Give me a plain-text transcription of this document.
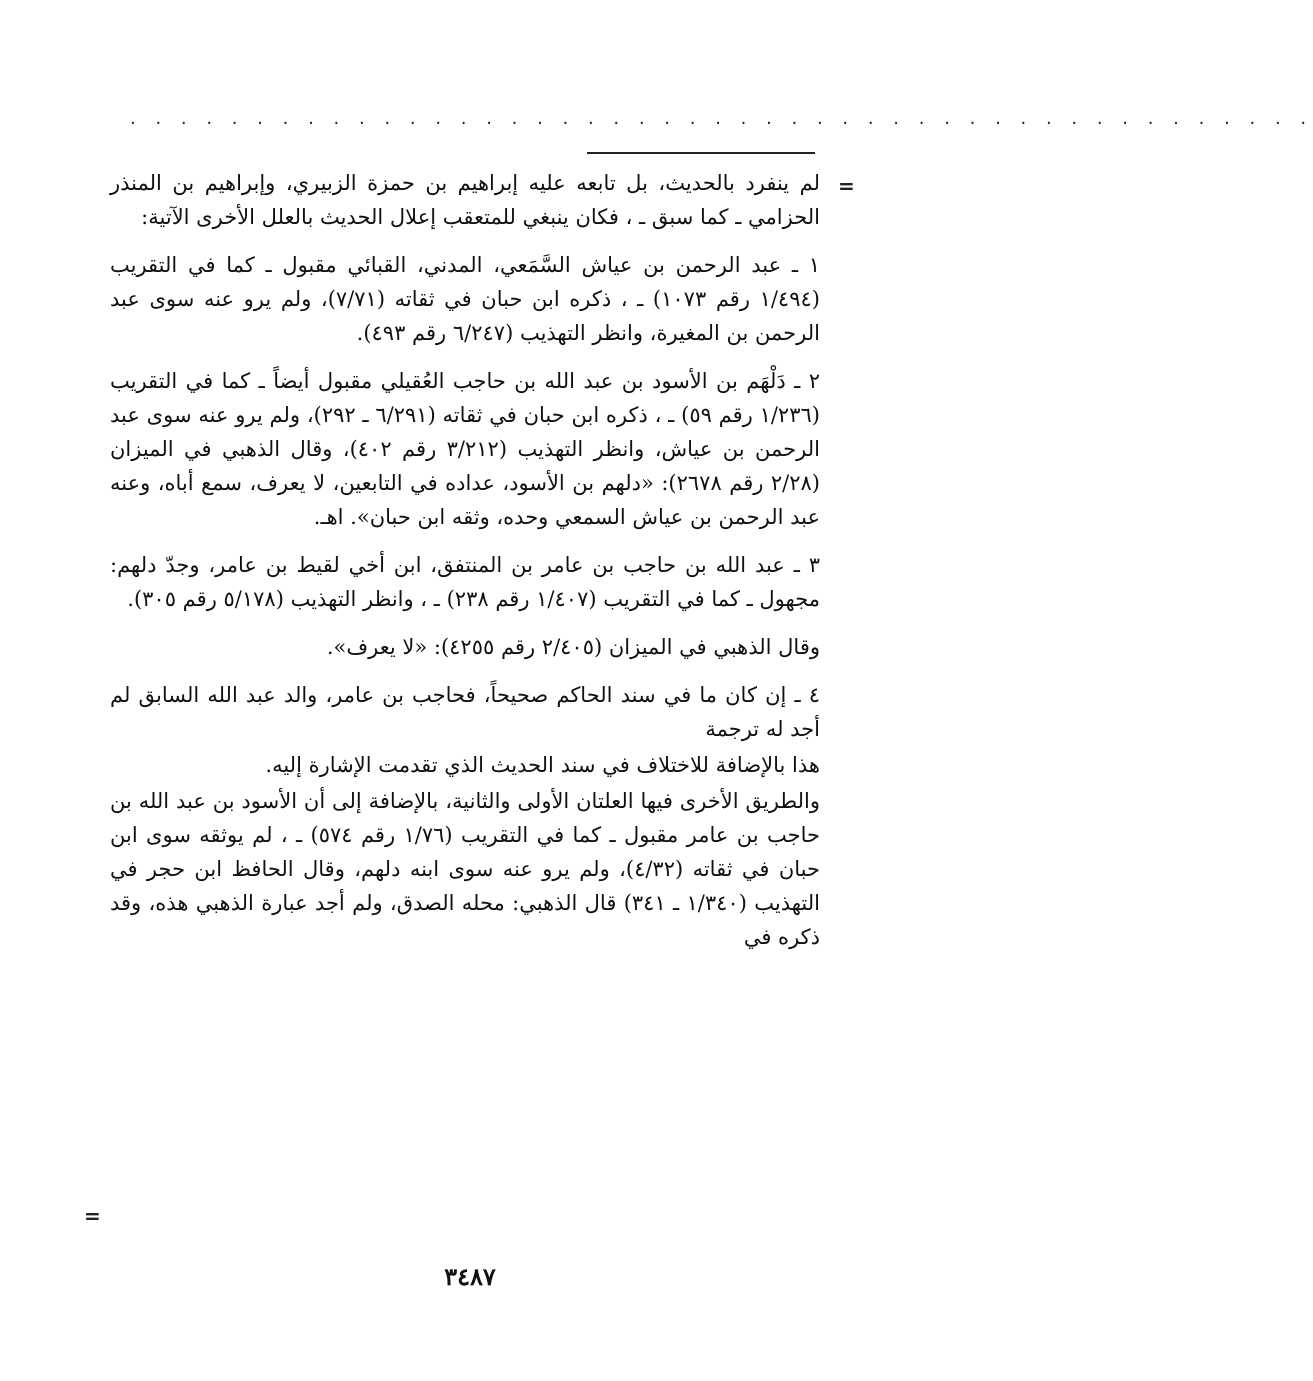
. . . . . . . . . . . . . . . . . . . . . . . . . . . . . . . . . . . . . . . . . . . . . . .
=

لم ينفرد بالحديث، بل تابعه عليه إبراهيم بن حمزة الزبيري، وإبراهيم بن المنذر الحزامي ـ كما سبق ـ ، فكان ينبغي للمتعقب إعلال الحديث بالعلل الأخرى الآتية:

١ ـ عبد الرحمن بن عياش السَّمَعي، المدني، القبائي مقبول ـ كما في التقريب (١/٤٩٤ رقم ١٠٧٣) ـ ، ذكره ابن حبان في ثقاته (٧/٧١)، ولم يرو عنه سوى عبد الرحمن بن المغيرة، وانظر التهذيب (٦/٢٤٧ رقم ٤٩٣).

٢ ـ دَلْهَم بن الأسود بن عبد الله بن حاجب العُقيلي مقبول أيضاً ـ كما في التقريب (١/٢٣٦ رقم ٥٩) ـ ، ذكره ابن حبان في ثقاته (٦/٢٩١ ـ ٢٩٢)، ولم يرو عنه سوى عبد الرحمن بن عياش، وانظر التهذيب (٣/٢١٢ رقم ٤٠٢)، وقال الذهبي في الميزان (٢/٢٨ رقم ٢٦٧٨): «دلهم بن الأسود، عداده في التابعين، لا يعرف، سمع أباه، وعنه عبد الرحمن بن عياش السمعي وحده، وثقه ابن حبان». اهـ.

٣ ـ عبد الله بن حاجب بن عامر بن المنتفق، ابن أخي لقيط بن عامر، وجدّ دلهم: مجهول ـ كما في التقريب (١/٤٠٧ رقم ٢٣٨) ـ ، وانظر التهذيب (٥/١٧٨ رقم ٣٠٥).

وقال الذهبي في الميزان (٢/٤٠٥ رقم ٤٢٥٥): «لا يعرف».

٤ ـ إن كان ما في سند الحاكم صحيحاً، فحاجب بن عامر، والد عبد الله السابق لم أجد له ترجمة

هذا بالإضافة للاختلاف في سند الحديث الذي تقدمت الإشارة إليه.

والطريق الأخرى فيها العلتان الأولى والثانية، بالإضافة إلى أن الأسود بن عبد الله بن حاجب بن عامر مقبول ـ كما في التقريب (١/٧٦ رقم ٥٧٤) ـ ، لم يوثقه سوى ابن حبان في ثقاته (٤/٣٢)، ولم يرو عنه سوى ابنه دلهم، وقال الحافظ ابن حجر في التهذيب (١/٣٤٠ ـ ٣٤١) قال الذهبي: محله الصدق، ولم أجد عبارة الذهبي هذه، وقد ذكره في

=
٣٤٨٧
